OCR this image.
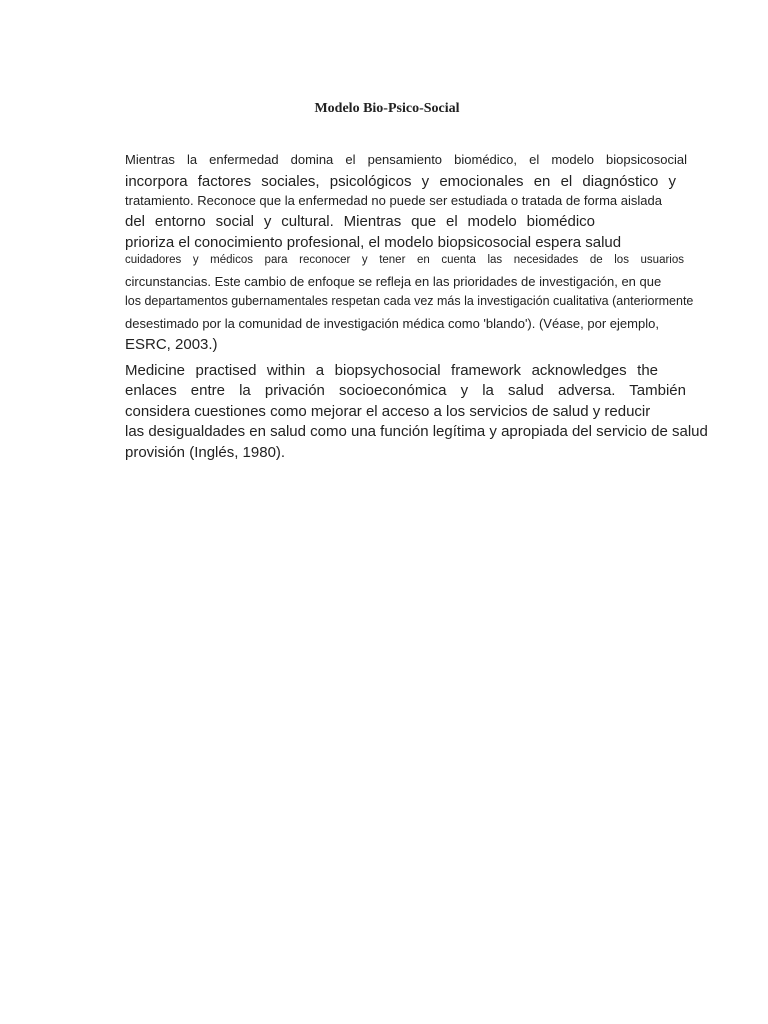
Modelo Bio-Psico-Social
Mientras la enfermedad domina el pensamiento biomédico, el modelo biopsicosocial
incorpora factores sociales, psicológicos y emocionales en el diagnóstico y
tratamiento. Reconoce que la enfermedad no puede ser estudiada o tratada de forma aislada
del entorno social y cultural. Mientras que el modelo biomédico
prioriza el conocimiento profesional, el modelo biopsicosocial espera salud
cuidadores y médicos para reconocer y tener en cuenta las necesidades de los usuarios
circunstancias. Este cambio de enfoque se refleja en las prioridades de investigación, en que
los departamentos gubernamentales respetan cada vez más la investigación cualitativa (anteriormente
desestimado por la comunidad de investigación médica como 'blando'). (Véase, por ejemplo,
ESRC, 2003.)
Medicine practised within a biopsychosocial framework acknowledges the
enlaces entre la privación socioeconómica y la salud adversa. También
considera cuestiones como mejorar el acceso a los servicios de salud y reducir
las desigualdades en salud como una función legítima y apropiada del servicio de salud
provisión (Inglés, 1980).
